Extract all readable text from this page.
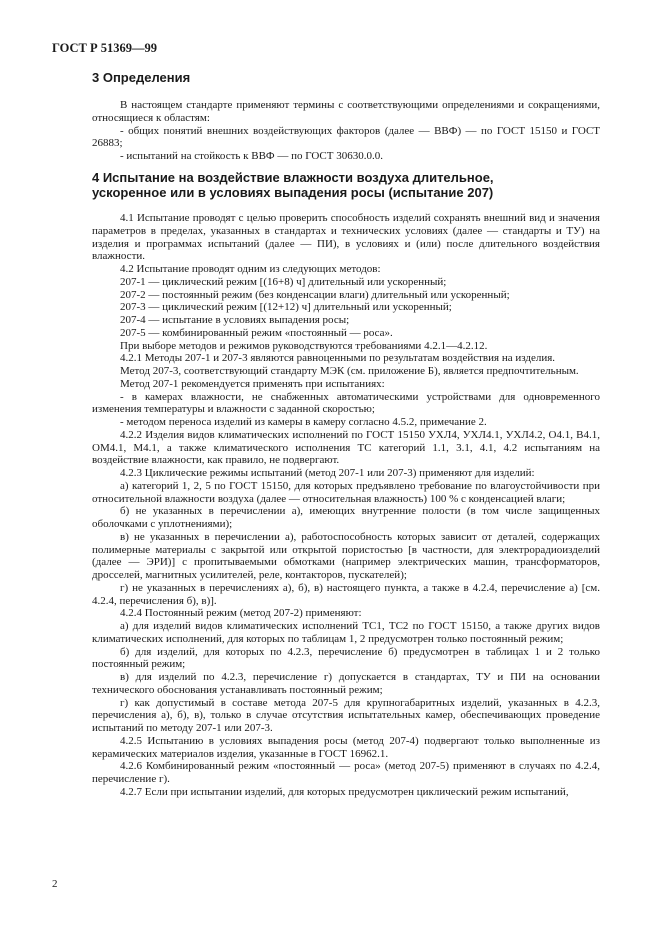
ГОСТ Р 51369—99
3 Определения

В настоящем стандарте применяют термины с соответствующими определениями и сокращениями, относящиеся к областям:

- общих понятий внешних воздействующих факторов (далее — ВВФ) — по ГОСТ 15150 и ГОСТ 26883;

- испытаний на стойкость к ВВФ — по ГОСТ 30630.0.0.

4 Испытание на воздействие влажности воздуха длительное,
ускоренное или в условиях выпадения росы (испытание 207)

4.1 Испытание проводят с целью проверить способность изделий сохранять внешний вид и значения параметров в пределах, указанных в стандартах и технических условиях (далее — стандарты и ТУ) на изделия и программах испытаний (далее — ПИ), в условиях и (или) после длительного воздействия влажности.

4.2 Испытание проводят одним из следующих методов:

207-1 — циклический режим [(16+8) ч] длительный или ускоренный;

207-2 — постоянный режим (без конденсации влаги) длительный или ускоренный;

207-3 — циклический режим [(12+12) ч] длительный или ускоренный;

207-4 — испытание в условиях выпадения росы;

207-5 — комбинированный режим «постоянный — роса».

При выборе методов и режимов руководствуются требованиями 4.2.1—4.2.12.

4.2.1 Методы 207-1 и 207-3 являются равноценными по результатам воздействия на изделия.

Метод 207-3, соответствующий стандарту МЭК (см. приложение Б), является предпочтительным.

Метод 207-1 рекомендуется применять при испытаниях:

- в камерах влажности, не снабженных автоматическими устройствами для одновременного изменения температуры и влажности с заданной скоростью;

- методом переноса изделий из камеры в камеру согласно 4.5.2, примечание 2.

4.2.2 Изделия видов климатических исполнений по ГОСТ 15150 УХЛ4, УХЛ4.1, УХЛ4.2, О4.1, В4.1, ОМ4.1, М4.1, а также климатического исполнения ТС категорий 1.1, 3.1, 4.1, 4.2 испытаниям на воздействие влажности, как правило, не подвергают.

4.2.3 Циклические режимы испытаний (метод 207-1 или 207-3) применяют для изделий:

а) категорий 1, 2, 5 по ГОСТ 15150, для которых предъявлено требование по влагоустойчивости при относительной влажности воздуха (далее — относительная влажность) 100 % с конденсацией влаги;

б) не указанных в перечислении а), имеющих внутренние полости (в том числе защищенных оболочками с уплотнениями);

в) не указанных в перечислении а), работоспособность которых зависит от деталей, содержащих полимерные материалы с закрытой или открытой пористостью [в частности, для электрорадиоизделий (далее — ЭРИ)] с пропитываемыми обмотками (например электрических машин, трансформаторов, дросселей, магнитных усилителей, реле, контакторов, пускателей);

г) не указанных в перечислениях а), б), в) настоящего пункта, а также в 4.2.4, перечисление а) [см. 4.2.4, перечисления б), в)].

4.2.4 Постоянный режим (метод 207-2) применяют:

а) для изделий видов климатических исполнений ТС1, ТС2 по ГОСТ 15150, а также других видов климатических исполнений, для которых по таблицам 1, 2 предусмотрен только постоянный режим;

б) для изделий, для которых по 4.2.3, перечисление б) предусмотрен в таблицах 1 и 2 только постоянный режим;

в) для изделий по 4.2.3, перечисление г) допускается в стандартах, ТУ и ПИ на основании технического обоснования устанавливать постоянный режим;

г) как допустимый в составе метода 207-5 для крупногабаритных изделий, указанных в 4.2.3, перечисления а), б), в), только в случае отсутствия испытательных камер, обеспечивающих проведение испытаний по методу 207-1 или 207-3.

4.2.5 Испытанию в условиях выпадения росы (метод 207-4) подвергают только выполненные из керамических материалов изделия, указанные в ГОСТ 16962.1.

4.2.6 Комбинированный режим «постоянный — роса» (метод 207-5) применяют в случаях по 4.2.4, перечисление г).

4.2.7 Если при испытании изделий, для которых предусмотрен циклический режим испытаний,

2
